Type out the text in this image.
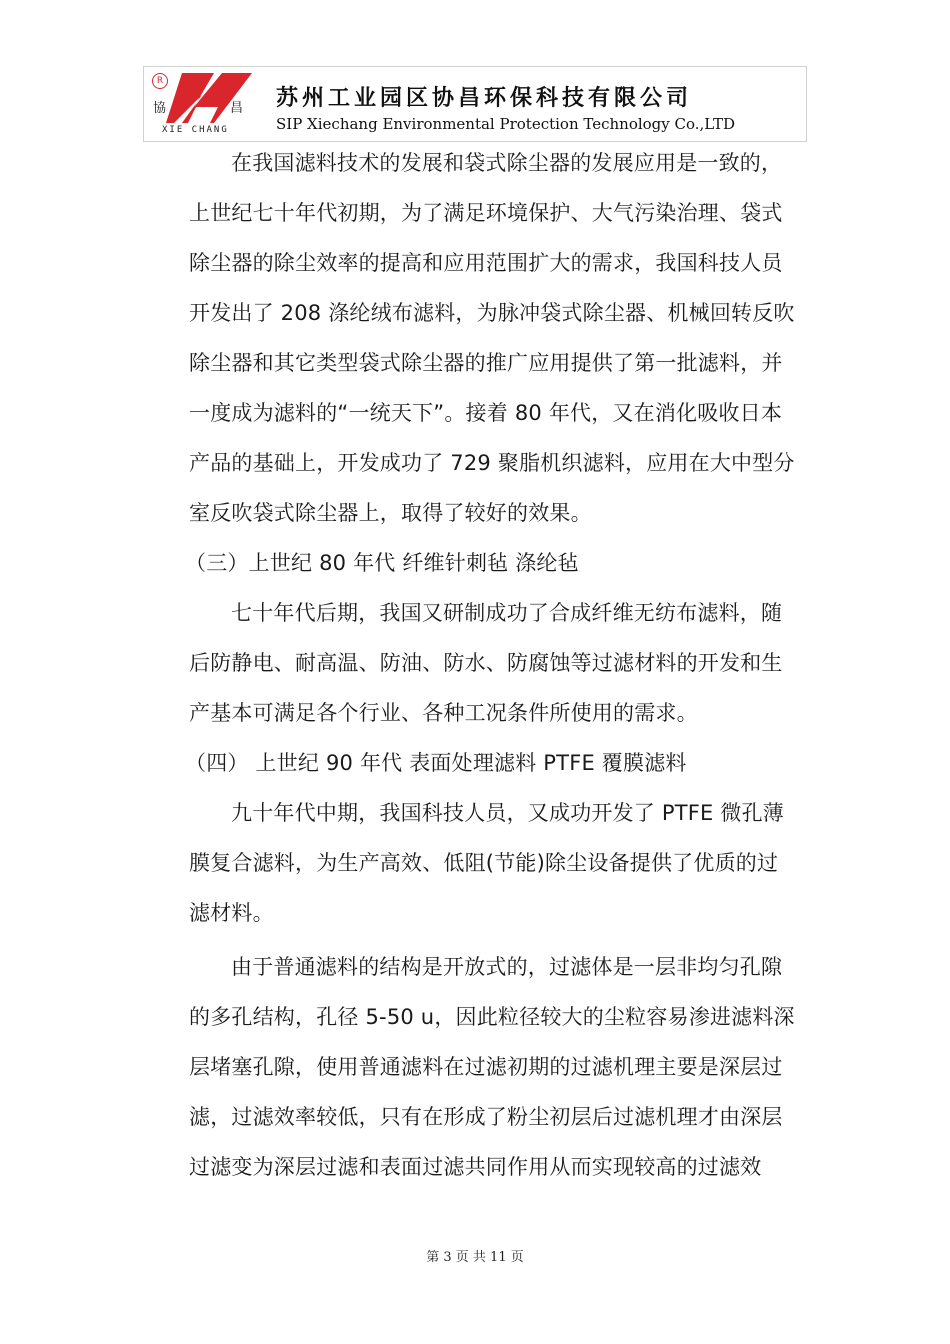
R
協	昌
XIE CHANG
苏州工业园区协昌环保科技有限公司
SIP Xiechang Environmental Protection Technology Co.,LTD
在我国滤料技术的发展和袋式除尘器的发展应用是一致的，
上世纪七十年代初期，为了满足环境保护、大气污染治理、袋式
除尘器的除尘效率的提高和应用范围扩大的需求，我国科技人员
开发出了 208 涤纶绒布滤料，为脉冲袋式除尘器、机械回转反吹
除尘器和其它类型袋式除尘器的推广应用提供了第一批滤料，并
一度成为滤料的“一统天下”。接着 80 年代，又在消化吸收日本
产品的基础上，开发成功了 729 聚脂机织滤料，应用在大中型分
室反吹袋式除尘器上，取得了较好的效果。
（三）上世纪 80 年代 纤维针刺毡 涤纶毡
七十年代后期，我国又研制成功了合成纤维无纺布滤料，随
后防静电、耐高温、防油、防水、防腐蚀等过滤材料的开发和生
产基本可满足各个行业、各种工况条件所使用的需求。
（四） 上世纪 90 年代 表面处理滤料 PTFE 覆膜滤料
九十年代中期，我国科技人员，又成功开发了 PTFE 微孔薄
膜复合滤料，为生产高效、低阻(节能)除尘设备提供了优质的过
滤材料。
由于普通滤料的结构是开放式的，过滤体是一层非均匀孔隙
的多孔结构，孔径 5-50 u，因此粒径较大的尘粒容易渗进滤料深
层堵塞孔隙，使用普通滤料在过滤初期的过滤机理主要是深层过
滤，过滤效率较低，只有在形成了粉尘初层后过滤机理才由深层
过滤变为深层过滤和表面过滤共同作用从而实现较高的过滤效
第 3 页 共 11 页
